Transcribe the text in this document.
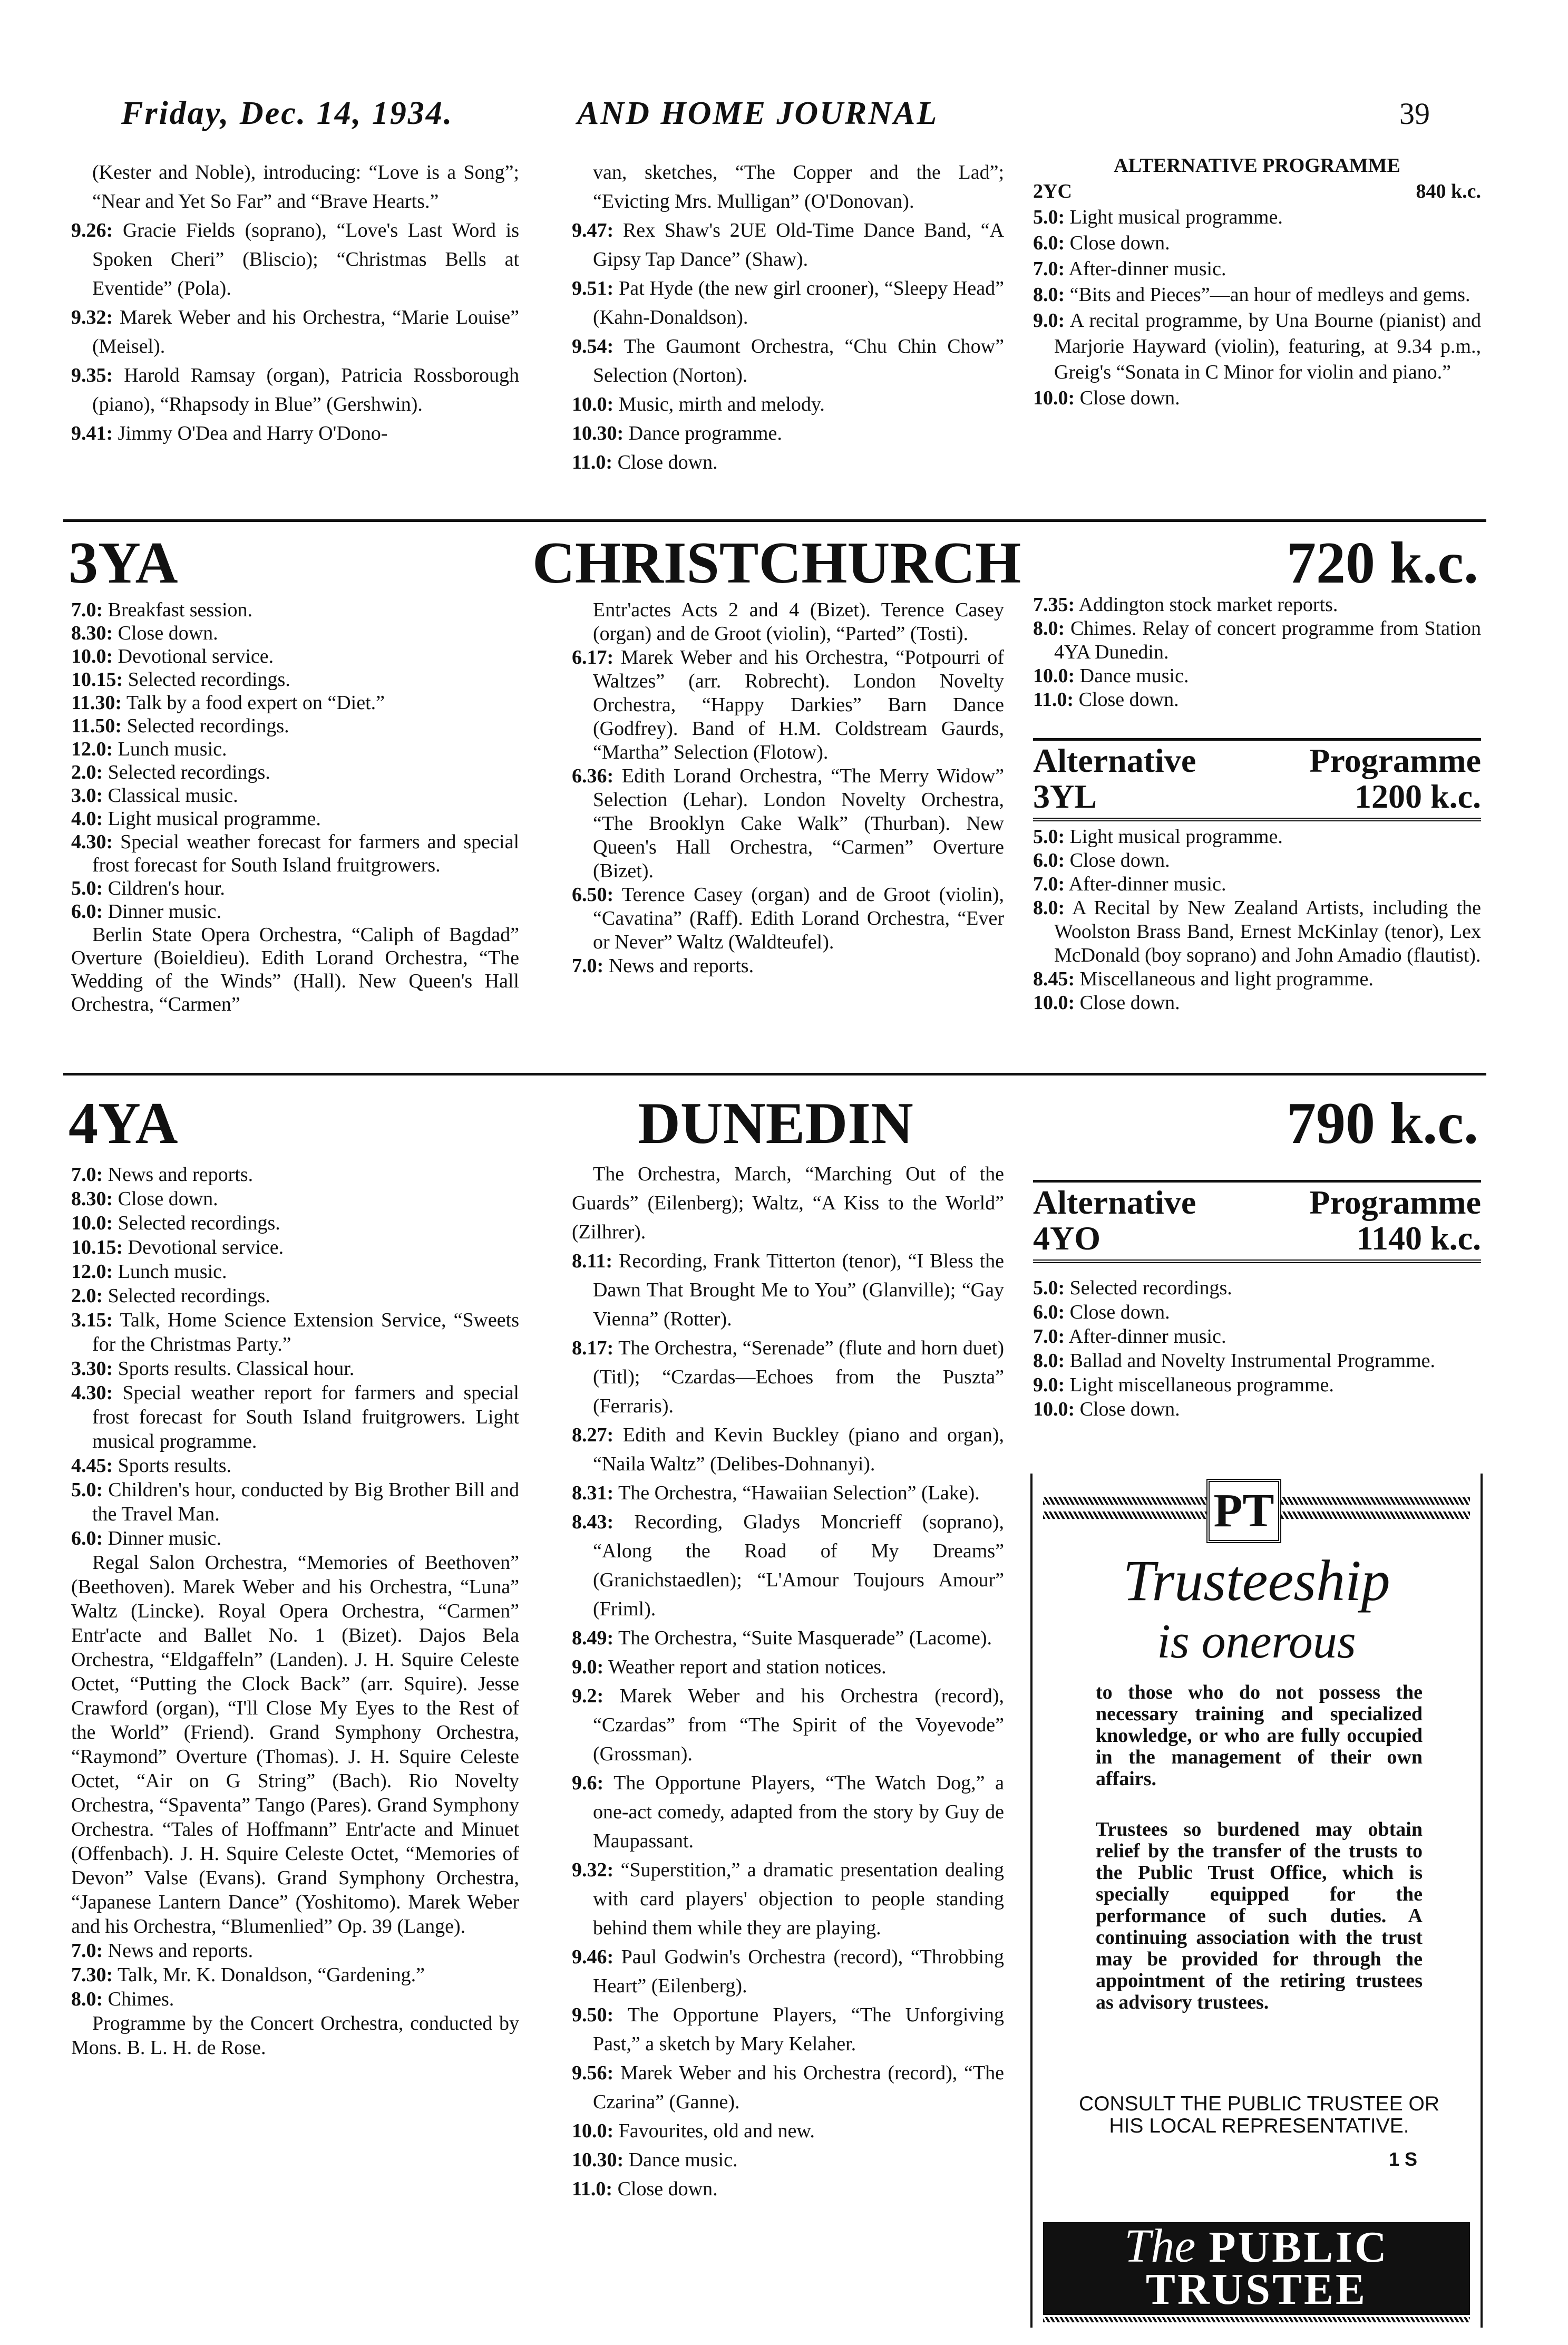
Friday, Dec. 14, 1934.	AND HOME JOURNAL	39

(Kester and Noble), introducing: “Love is a Song”; “Near and Yet So Far” and “Brave Hearts.”

9.26: Gracie Fields (soprano), “Love's Last Word is Spoken Cheri” (Bliscio); “Christmas Bells at Eventide” (Pola).

9.32: Marek Weber and his Orchestra, “Marie Louise” (Meisel).

9.35: Harold Ramsay (organ), Patricia Rossborough (piano), “Rhapsody in Blue” (Gershwin).

9.41: Jimmy O'Dea and Harry O'Dono-

van, sketches, “The Copper and the Lad”; “Evicting Mrs. Mulligan” (O'Donovan).

9.47: Rex Shaw's 2UE Old-Time Dance Band, “A Gipsy Tap Dance” (Shaw).

9.51: Pat Hyde (the new girl crooner), “Sleepy Head” (Kahn-Donaldson).

9.54: The Gaumont Orchestra, “Chu Chin Chow” Selection (Norton).

10.0: Music, mirth and melody.

10.30: Dance programme.

11.0: Close down.

ALTERNATIVE PROGRAMME
2YC	840 k.c.

5.0: Light musical programme.

6.0: Close down.

7.0: After-dinner music.

8.0: “Bits and Pieces”—an hour of medleys and gems.

9.0: A recital programme, by Una Bourne (pianist) and Marjorie Hayward (violin), featuring, at 9.34 p.m., Greig's “Sonata in C Minor for violin and piano.”

10.0: Close down.

3YA	CHRISTCHURCH	720 k.c.

7.0: Breakfast session.

8.30: Close down.

10.0: Devotional service.

10.15: Selected recordings.

11.30: Talk by a food expert on “Diet.”

11.50: Selected recordings.

12.0: Lunch music.

2.0: Selected recordings.

3.0: Classical music.

4.0: Light musical programme.

4.30: Special weather forecast for farmers and special frost forecast for South Island fruitgrowers.

5.0: Cildren's hour.

6.0: Dinner music.

Berlin State Opera Orchestra, “Caliph of Bagdad” Overture (Boieldieu). Edith Lorand Orchestra, “The Wedding of the Winds” (Hall). New Queen's Hall Orchestra, “Carmen”

Entr'actes Acts 2 and 4 (Bizet). Terence Casey (organ) and de Groot (violin), “Parted” (Tosti).

6.17: Marek Weber and his Orchestra, “Potpourri of Waltzes” (arr. Robrecht). London Novelty Orchestra, “Happy Darkies” Barn Dance (Godfrey). Band of H.M. Coldstream Gaurds, “Martha” Selection (Flotow).

6.36: Edith Lorand Orchestra, “The Merry Widow” Selection (Lehar). London Novelty Orchestra, “The Brooklyn Cake Walk” (Thurban). New Queen's Hall Orchestra, “Carmen” Overture (Bizet).

6.50: Terence Casey (organ) and de Groot (violin), “Cavatina” (Raff). Edith Lorand Orchestra, “Ever or Never” Waltz (Waldteufel).

7.0: News and reports.

7.35: Addington stock market reports.

8.0: Chimes. Relay of concert programme from Station 4YA Dunedin.

10.0: Dance music.

11.0: Close down.

Alternative	Programme
3YL	1200 k.c.

5.0: Light musical programme.

6.0: Close down.

7.0: After-dinner music.

8.0: A Recital by New Zealand Artists, including the Woolston Brass Band, Ernest McKinlay (tenor), Lex McDonald (boy soprano) and John Amadio (flautist).

8.45: Miscellaneous and light programme.

10.0: Close down.

4YA	DUNEDIN	790 k.c.

7.0: News and reports.

8.30: Close down.

10.0: Selected recordings.

10.15: Devotional service.

12.0: Lunch music.

2.0: Selected recordings.

3.15: Talk, Home Science Extension Service, “Sweets for the Christmas Party.”

3.30: Sports results. Classical hour.

4.30: Special weather report for farmers and special frost forecast for South Island fruitgrowers. Light musical programme.

4.45: Sports results.

5.0: Children's hour, conducted by Big Brother Bill and the Travel Man.

6.0: Dinner music.

Regal Salon Orchestra, “Memories of Beethoven” (Beethoven). Marek Weber and his Orchestra, “Luna” Waltz (Lincke). Royal Opera Orchestra, “Carmen” Entr'acte and Ballet No. 1 (Bizet). Dajos Bela Orchestra, “Eldgaffeln” (Landen). J. H. Squire Celeste Octet, “Putting the Clock Back” (arr. Squire). Jesse Crawford (organ), “I'll Close My Eyes to the Rest of the World” (Friend). Grand Symphony Orchestra, “Raymond” Overture (Thomas). J. H. Squire Celeste Octet, “Air on G String” (Bach). Rio Novelty Orchestra, “Spaventa” Tango (Pares). Grand Symphony Orchestra. “Tales of Hoffmann” Entr'acte and Minuet (Offenbach). J. H. Squire Celeste Octet, “Memories of Devon” Valse (Evans). Grand Symphony Orchestra, “Japanese Lantern Dance” (Yoshitomo). Marek Weber and his Orchestra, “Blumenlied” Op. 39 (Lange).

7.0: News and reports.

7.30: Talk, Mr. K. Donaldson, “Gardening.”

8.0: Chimes.

Programme by the Concert Orchestra, conducted by Mons. B. L. H. de Rose.

The Orchestra, March, “Marching Out of the Guards” (Eilenberg); Waltz, “A Kiss to the World” (Zilhrer).

8.11: Recording, Frank Titterton (tenor), “I Bless the Dawn That Brought Me to You” (Glanville); “Gay Vienna” (Rotter).

8.17: The Orchestra, “Serenade” (flute and horn duet) (Titl); “Czardas—Echoes from the Puszta” (Ferraris).

8.27: Edith and Kevin Buckley (piano and organ), “Naila Waltz” (Delibes-Dohnanyi).

8.31: The Orchestra, “Hawaiian Selection” (Lake).

8.43: Recording, Gladys Moncrieff (soprano), “Along the Road of My Dreams” (Granichstaedlen); “L'Amour Toujours Amour” (Friml).

8.49: The Orchestra, “Suite Masquerade” (Lacome).

9.0: Weather report and station notices.

9.2: Marek Weber and his Orchestra (record), “Czardas” from “The Spirit of the Voyevode” (Grossman).

9.6: The Opportune Players, “The Watch Dog,” a one-act comedy, adapted from the story by Guy de Maupassant.

9.32: “Superstition,” a dramatic presentation dealing with card players' objection to people standing behind them while they are playing.

9.46: Paul Godwin's Orchestra (record), “Throbbing Heart” (Eilenberg).

9.50: The Opportune Players, “The Unforgiving Past,” a sketch by Mary Kelaher.

9.56: Marek Weber and his Orchestra (record), “The Czarina” (Ganne).

10.0: Favourites, old and new.

10.30: Dance music.

11.0: Close down.

Alternative	Programme
4YO	1140 k.c.

5.0: Selected recordings.

6.0: Close down.

7.0: After-dinner music.

8.0: Ballad and Novelty Instrumental Programme.

9.0: Light miscellaneous programme.

10.0: Close down.

PT
Trusteeship
is onerous
to those who do not possess the necessary training and specialized knowledge, or who are fully occupied in the management of their own affairs.
Trustees so burdened may obtain relief by the transfer of the trusts to the Public Trust Office, which is specially equipped for the performance of such duties. A continuing association with the trust may be provided for through the appointment of the retiring trustees as advisory trustees.
CONSULT THE PUBLIC TRUSTEE OR HIS LOCAL REPRESENTATIVE.
1 S
The PUBLIC
TRUSTEE
